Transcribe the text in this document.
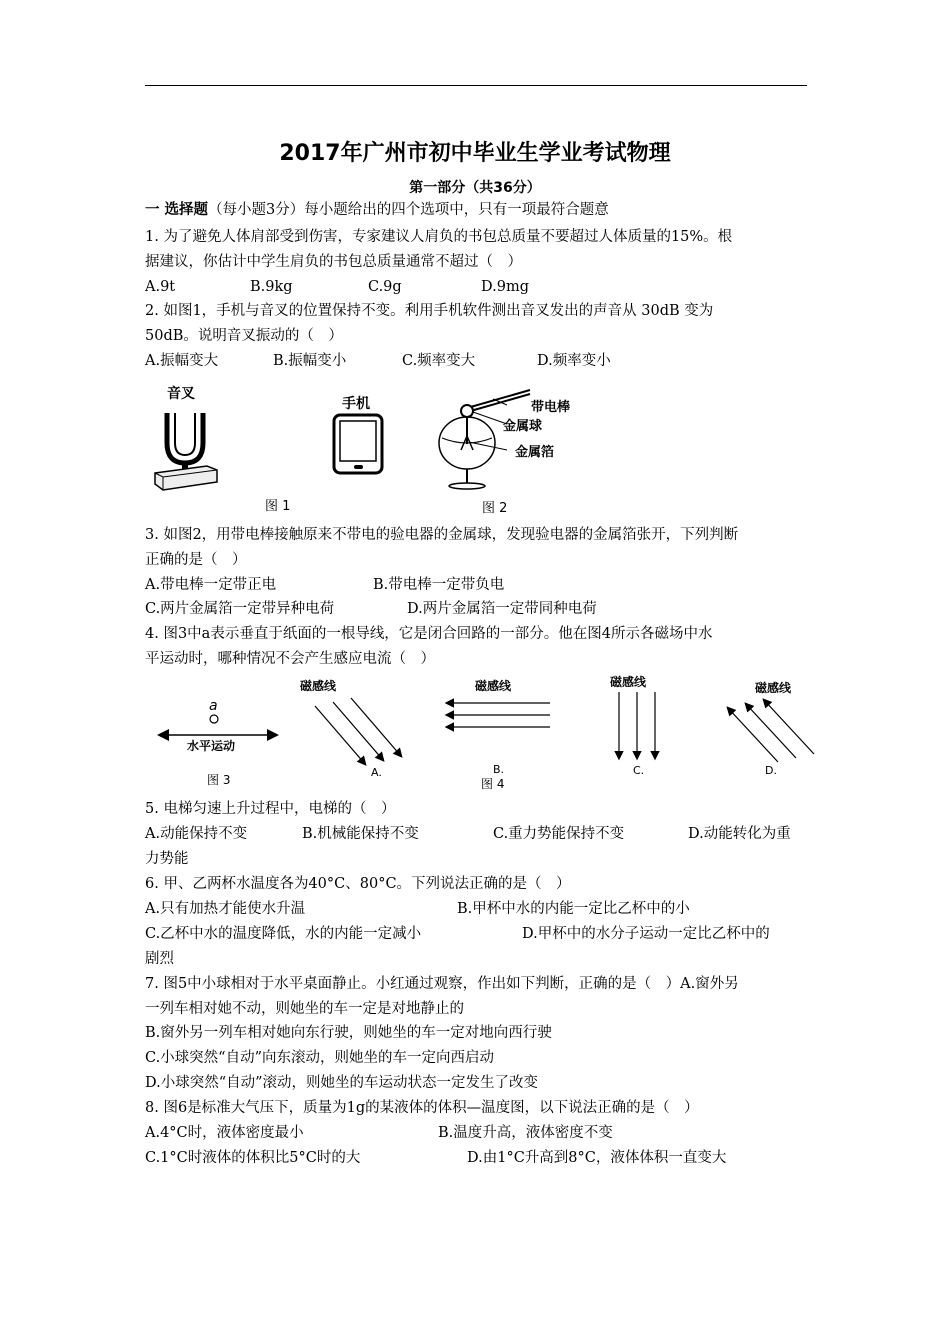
2017年广州市初中毕业生学业考试物理
第一部分（共36分）
一 选择题（每小题3分）每小题给出的四个选项中，只有一项最符合题意
1. 为了避免人体肩部受到伤害，专家建议人肩负的书包总质量不要超过人体质量的15%。根
据建议，你估计中学生肩负的书包总质量通常不超过（　）
A.9t	B.9kg	C.9g	D.9mg
2. 如图1，手机与音叉的位置保持不变。利用手机软件测出音叉发出的声音从 30dB 变为
50dB。说明音叉振动的（　）
A.振幅变大	B.振幅变小	C.频率变大	D.频率变小
音叉
手机
图 1
带电棒
金属球
金属箔
图 2
3. 如图2，用带电棒接触原来不带电的验电器的金属球，发现验电器的金属箔张开，下列判断
正确的是（　）
A.带电棒一定带正电	B.带电棒一定带负电
C.两片金属箔一定带异种电荷	D.两片金属箔一定带同种电荷
4. 图3中a表示垂直于纸面的一根导线，它是闭合回路的一部分。他在图4所示各磁场中水
平运动时，哪种情况不会产生感应电流（　）
a
水平运动
图 3
磁感线
A.
磁感线
B.
图 4
磁感线
C.
磁感线
D.
5. 电梯匀速上升过程中，电梯的（　）
A.动能保持不变	B.机械能保持不变	C.重力势能保持不变	D.动能转化为重
力势能
6. 甲、乙两杯水温度各为40°C、80°C。下列说法正确的是（　）
A.只有加热才能使水升温	B.甲杯中水的内能一定比乙杯中的小
C.乙杯中水的温度降低，水的内能一定减小	D.甲杯中的水分子运动一定比乙杯中的
剧烈
7. 图5中小球相对于水平桌面静止。小红通过观察，作出如下判断，正确的是（　）A.窗外另
一列车相对她不动，则她坐的车一定是对地静止的
B.窗外另一列车相对她向东行驶，则她坐的车一定对地向西行驶
C.小球突然“自动”向东滚动，则她坐的车一定向西启动
D.小球突然“自动”滚动，则她坐的车运动状态一定发生了改变
8. 图6是标准大气压下，质量为1g的某液体的体积—温度图，以下说法正确的是（　）
A.4°C时，液体密度最小	B.温度升高，液体密度不变
C.1°C时液体的体积比5°C时的大	D.由1°C升高到8°C，液体体积一直变大
